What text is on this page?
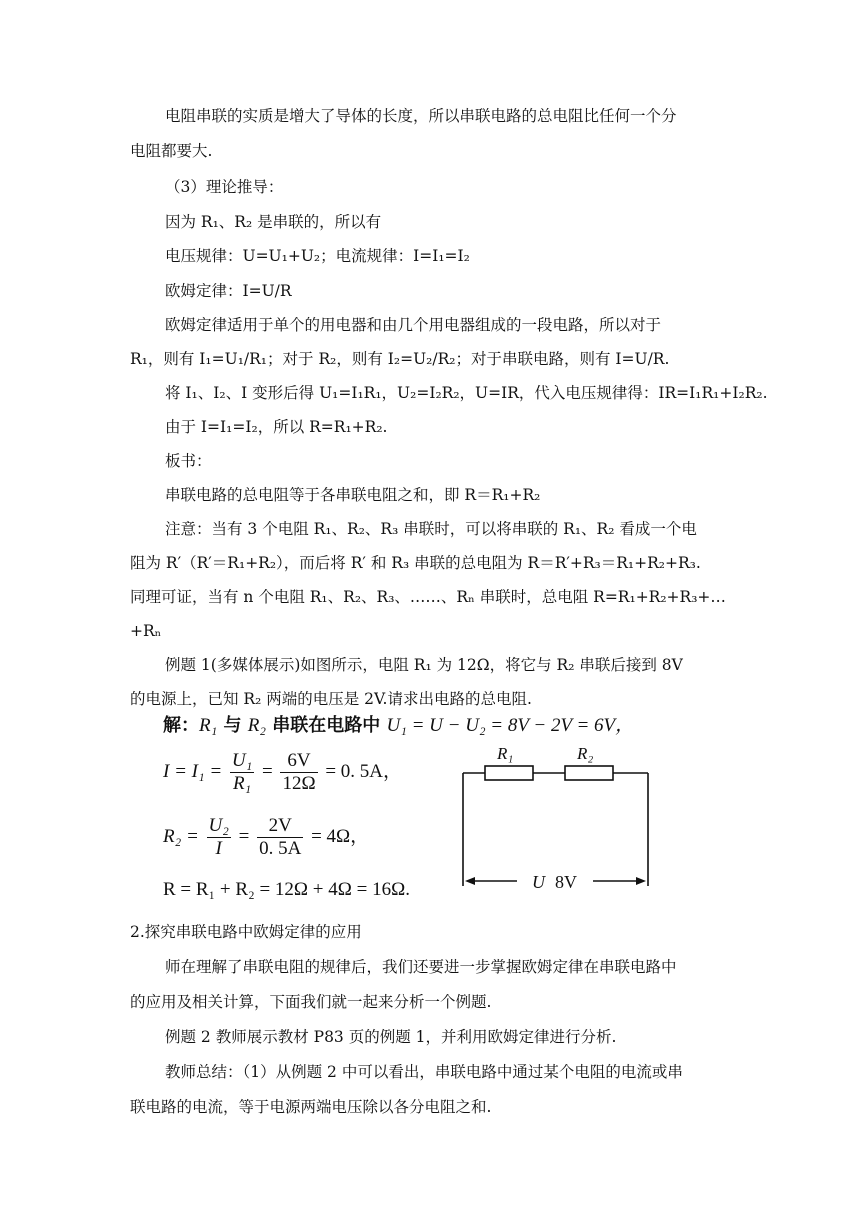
电阻串联的实质是增大了导体的长度，所以串联电路的总电阻比任何一个分
电阻都要大.
（3）理论推导：
因为 R₁、R₂ 是串联的，所以有
电压规律：U=U₁+U₂；电流规律：I=I₁=I₂
欧姆定律：I=U/R
欧姆定律适用于单个的用电器和由几个用电器组成的一段电路，所以对于
R₁，则有 I₁=U₁/R₁；对于 R₂，则有 I₂=U₂/R₂；对于串联电路，则有 I=U/R.
将 I₁、I₂、I 变形后得 U₁=I₁R₁，U₂=I₂R₂，U=IR，代入电压规律得：IR=I₁R₁+I₂R₂.
由于 I=I₁=I₂，所以 R=R₁+R₂.
板书：
串联电路的总电阻等于各串联电阻之和，即 R＝R₁+R₂
注意：当有 3 个电阻 R₁、R₂、R₃ 串联时，可以将串联的 R₁、R₂ 看成一个电
阻为 R′（R′＝R₁+R₂），而后将 R′ 和 R₃ 串联的总电阻为 R＝R′+R₃＝R₁+R₂+R₃.
同理可证，当有 n 个电阻 R₁、R₂、R₃、……、Rₙ 串联时，总电阻 R=R₁+R₂+R₃+…
+Rₙ
例题 1(多媒体展示)如图所示，电阻 R₁ 为 12Ω，将它与 R₂ 串联后接到 8V
的电源上，已知 R₂ 两端的电压是 2V.请求出电路的总电阻.
2.探究串联电路中欧姆定律的应用
师在理解了串联电阻的规律后，我们还要进一步掌握欧姆定律在串联电路中
的应用及相关计算，下面我们就一起来分析一个例题.
例题 2 教师展示教材 P83 页的例题 1，并利用欧姆定律进行分析.
教师总结：（1）从例题 2 中可以看出，串联电路中通过某个电阻的电流或串
联电路的电流，等于电源两端电压除以各分电阻之和.
解：R₁ 与 R₂ 串联在电路中 U₁ = U − U₂ = 8V − 2V = 6V，
$I = I_1 = \frac{\text{U₁}}{\text{R₁}} = \frac{6V}{12\Omega} = 0$. 5A，
$R_2 = \frac{\text{U₂}}{I} = \frac{2V}{0. 5A} = 4\Omega$，
R = R₁ + R₂ = 12Ω + 4Ω = 16Ω.
R₁	R₂
U 8V
